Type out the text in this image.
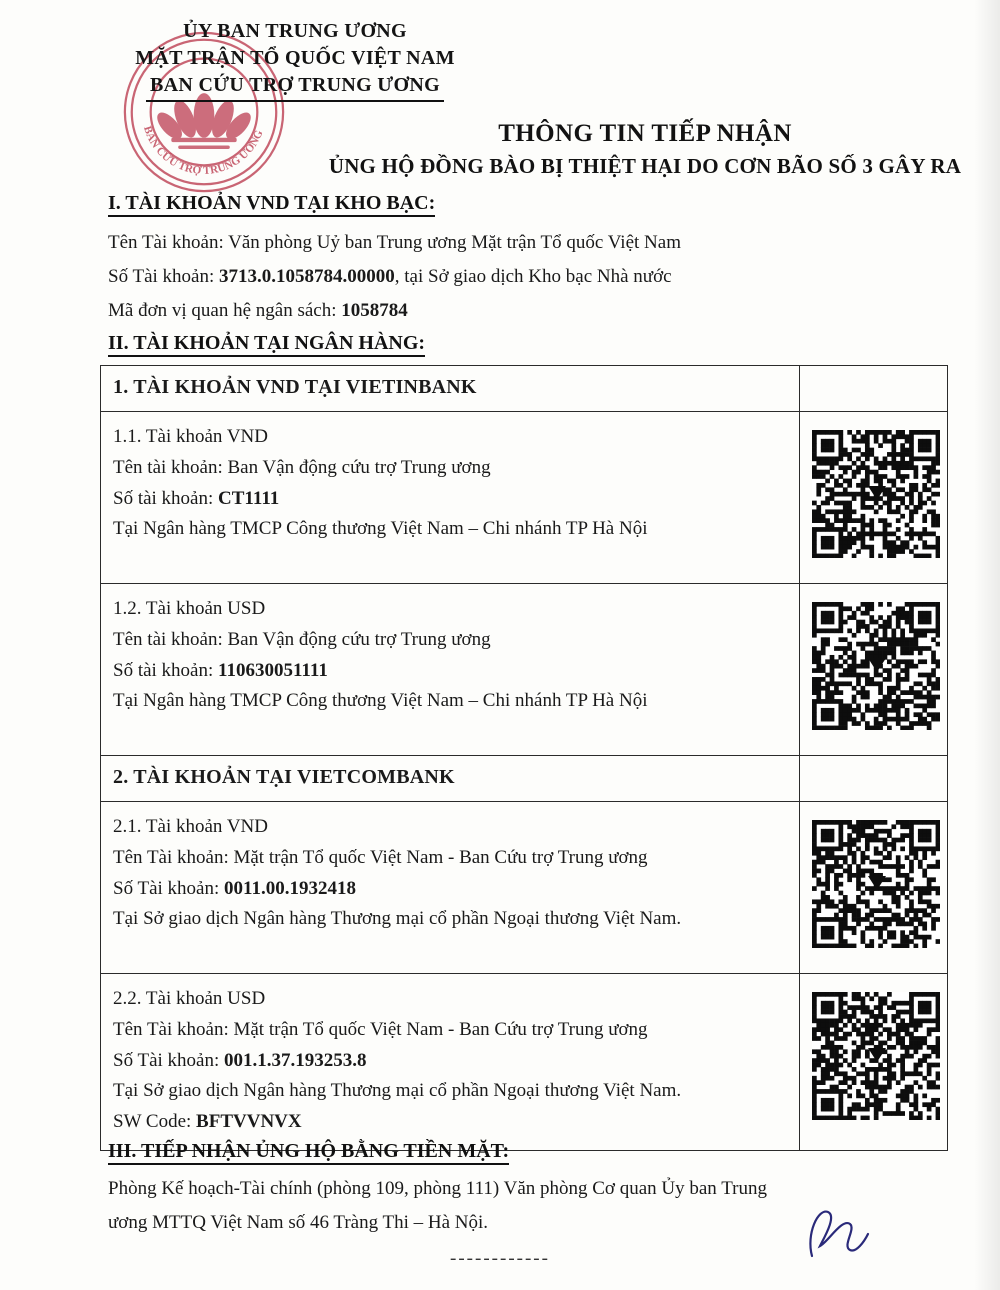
BAN CỨU TRỢ TRUNG ƯƠNG
ỦY BAN TRUNG ƯƠNG
MẶT TRẬN TỔ QUỐC VIỆT NAM
BAN CỨU TRỢ TRUNG ƯƠNG
THÔNG TIN TIẾP NHẬN
ỦNG HỘ ĐỒNG BÀO BỊ THIỆT HẠI DO CƠN BÃO SỐ 3 GÂY RA
I. TÀI KHOẢN VND TẠI KHO BẠC:
Tên Tài khoản: Văn phòng Uỷ ban Trung ương Mặt trận Tổ quốc Việt Nam
Số Tài khoản: 3713.0.1058784.00000, tại Sở giao dịch Kho bạc Nhà nước
Mã đơn vị quan hệ ngân sách: 1058784
II. TÀI KHOẢN TẠI NGÂN HÀNG:
1. TÀI KHOẢN VND TẠI VIETINBANK	

1.1. Tài khoản VND
Tên tài khoản: Ban Vận động cứu trợ Trung ương
Số tài khoản: CT1111
Tại Ngân hàng TMCP Công thương Việt Nam – Chi nhánh TP Hà Nội	

1.2. Tài khoản USD
Tên tài khoản: Ban Vận động cứu trợ Trung ương
Số tài khoản: 110630051111
Tại Ngân hàng TMCP Công thương Việt Nam – Chi nhánh TP Hà Nội	

2. TÀI KHOẢN TẠI VIETCOMBANK	

2.1. Tài khoản VND
Tên Tài khoản: Mặt trận Tổ quốc Việt Nam - Ban Cứu trợ Trung ương
Số Tài khoản: 0011.00.1932418
Tại Sở giao dịch Ngân hàng Thương mại cổ phần Ngoại thương Việt Nam.	

2.2. Tài khoản USD
Tên Tài khoản: Mặt trận Tổ quốc Việt Nam - Ban Cứu trợ Trung ương
Số Tài khoản: 001.1.37.193253.8
Tại Sở giao dịch Ngân hàng Thương mại cổ phần Ngoại thương Việt Nam.
SW Code: BFTVVNVX	

III. TIẾP NHẬN ỦNG HỘ BẰNG TIỀN MẶT:
Phòng Kế hoạch-Tài chính (phòng 109, phòng 111) Văn phòng Cơ quan Ủy ban Trung
ương MTTQ Việt Nam số 46 Tràng Thi – Hà Nội.
------------
